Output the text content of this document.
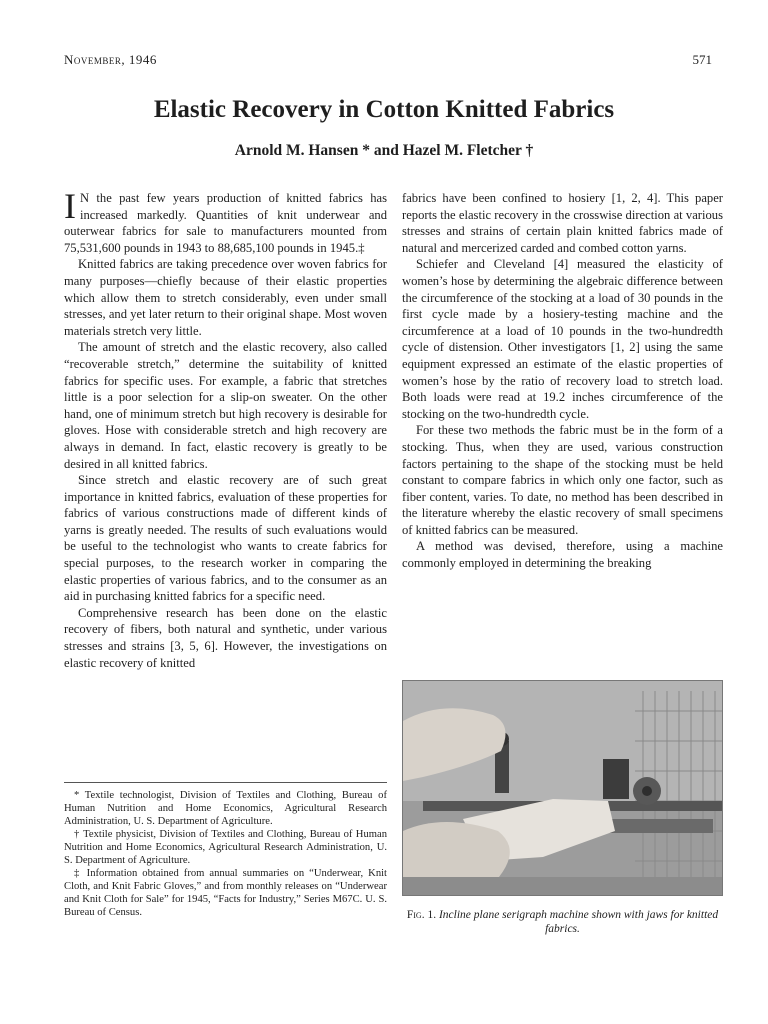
November, 1946	571
Elastic Recovery in Cotton Knitted Fabrics

Arnold M. Hansen * and Hazel M. Fletcher †

I N the past few years production of knitted fabrics has increased markedly. Quantities of knit underwear and outerwear fabrics for sale to manufacturers mounted from 75,531,600 pounds in 1943 to 88,685,100 pounds in 1945.‡

Knitted fabrics are taking precedence over woven fabrics for many purposes—chiefly because of their elastic properties which allow them to stretch considerably, even under small stresses, and yet later return to their original shape. Most woven materials stretch very little.

The amount of stretch and the elastic recovery, also called “recoverable stretch,” determine the suitability of knitted fabrics for specific uses. For example, a fabric that stretches little is a poor selection for a slip-on sweater. On the other hand, one of minimum stretch but high recovery is desirable for gloves. Hose with considerable stretch and high recovery are always in demand. In fact, elastic recovery is greatly to be desired in all knitted fabrics.

Since stretch and elastic recovery are of such great importance in knitted fabrics, evaluation of these properties for fabrics of various constructions made of different kinds of yarns is greatly needed. The results of such evaluations would be useful to the technologist who wants to create fabrics for special purposes, to the research worker in comparing the elastic properties of various fabrics, and to the consumer as an aid in purchasing knitted fabrics for a specific need.

Comprehensive research has been done on the elastic recovery of fibers, both natural and synthetic, under various stresses and strains [3, 5, 6]. However, the investigations on elastic recovery of knitted

* Textile technologist, Division of Textiles and Clothing, Bureau of Human Nutrition and Home Economics, Agricultural Research Administration, U. S. Department of Agriculture.

† Textile physicist, Division of Textiles and Clothing, Bureau of Human Nutrition and Home Economics, Agricultural Research Administration, U. S. Department of Agriculture.

‡ Information obtained from annual summaries on “Underwear, Knit Cloth, and Knit Fabric Gloves,” and from monthly releases on “Underwear and Knit Cloth for Sale” for 1945, “Facts for Industry,” Series M67C. U. S. Bureau of Census.

fabrics have been confined to hosiery [1, 2, 4]. This paper reports the elastic recovery in the crosswise direction at various stresses and strains of certain plain knitted fabrics made of natural and mercerized carded and combed cotton yarns.

Schiefer and Cleveland [4] measured the elasticity of women’s hose by determining the algebraic difference between the circumference of the stocking at a load of 30 pounds in the first cycle made by a hosiery-testing machine and the circumference at a load of 10 pounds in the two-hundredth cycle of distension. Other investigators [1, 2] using the same equipment expressed an estimate of the elastic properties of women’s hose by the ratio of recovery load to stretch load. Both loads were read at 19.2 inches circumference of the stocking on the two-hundredth cycle.

For these two methods the fabric must be in the form of a stocking. Thus, when they are used, various construction factors pertaining to the shape of the stocking must be held constant to compare fabrics in which only one factor, such as fiber content, varies. To date, no method has been described in the literature whereby the elastic recovery of small specimens of knitted fabrics can be measured.

A method was devised, therefore, using a machine commonly employed in determining the breaking

Fig. 1. Incline plane serigraph machine shown with jaws for knitted fabrics.
